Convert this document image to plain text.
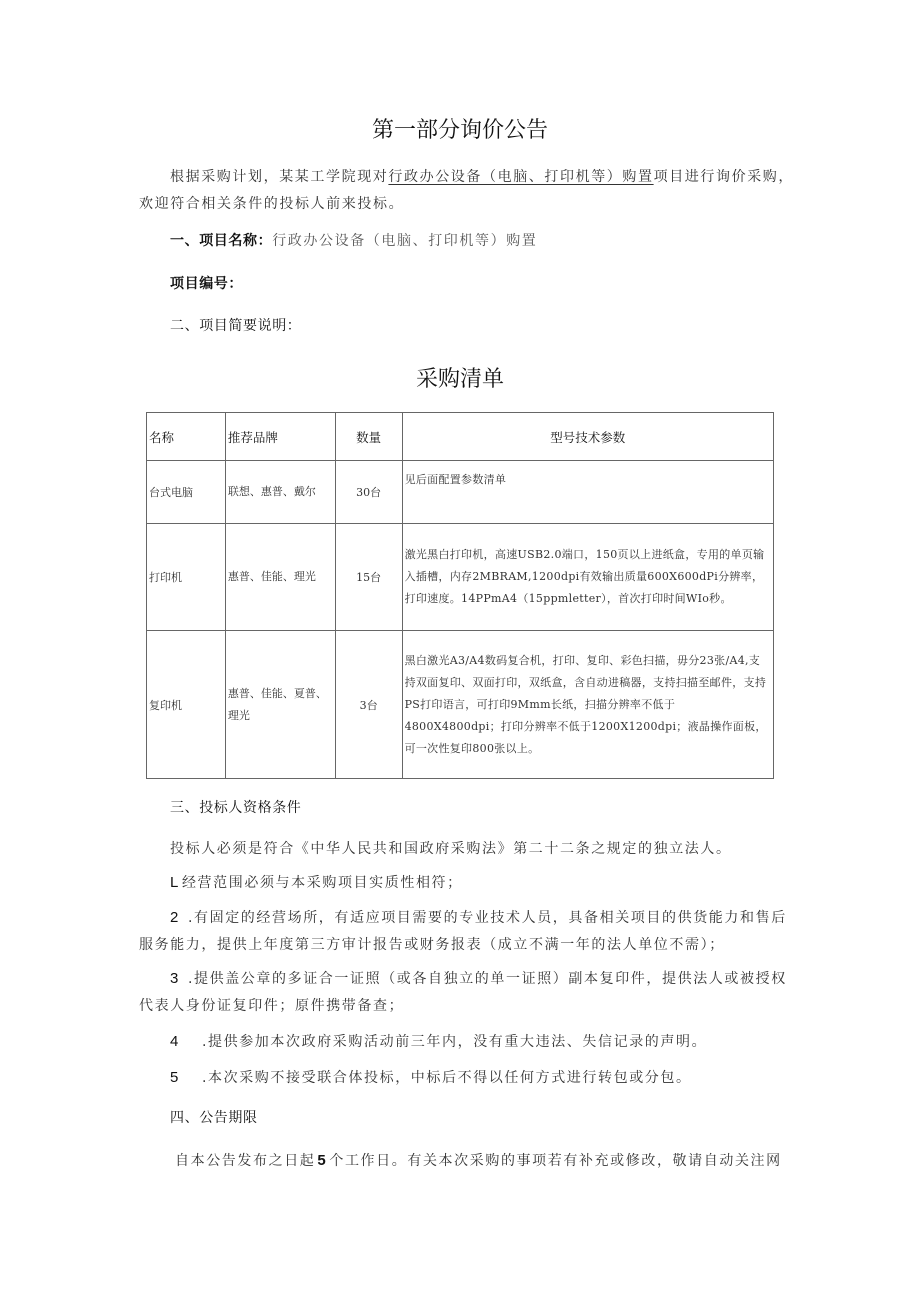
第一部分询价公告
根据采购计划，某某工学院现对行政办公设备（电脑、打印机等）购置项目进行询价采购，
欢迎符合相关条件的投标人前来投标。
一、项目名称：行政办公设备（电脑、打印机等）购置
项目编号：
二、项目简要说明：
采购清单
名称	推荐品牌	数量	型号技术参数
台式电脑	联想、惠普、戴尔	30台	见后面配置参数清单
打印机	惠普、佳能、理光	15台	激光黑白打印机，高速USB2.0端口，150页以上进纸盒，专用的单页输入插槽，内存2MBRAM,1200dpi有效输出质量600X600dPi分辨率，打印速度。14PPmA4（15ppmletter），首次打印时间WIo秒。
复印机	惠普、佳能、夏普、理光	3台	黑白激光A3/A4数码复合机，打印、复印、彩色扫描，毋分23张/A4,支持双面复印、双面打印，双纸盒，含自动进稿器，支持扫描至邮件，支持PS打印语言，可打印9Mmm长纸，扫描分辨率不低于4800X4800dpi；打印分辨率不低于1200X1200dpi；液晶操作面板，可一次性复印800张以上。
三、投标人资格条件
投标人必须是符合《中华人民共和国政府采购法》第二十二条之规定的独立法人。
L 经营范围必须与本采购项目实质性相符；
2 .有固定的经营场所，有适应项目需要的专业技术人员，具备相关项目的供货能力和售后
服务能力，提供上年度第三方审计报告或财务报表（成立不满一年的法人单位不需）；
3 .提供盖公章的多证合一证照（或各自独立的单一证照）副本复印件，提供法人或被授权
代表人身份证复印件；原件携带备查；
4 .提供参加本次政府采购活动前三年内，没有重大违法、失信记录的声明。
5 .本次采购不接受联合体投标，中标后不得以任何方式进行转包或分包。
四、公告期限
自本公告发布之日起 5 个工作日。有关本次采购的事项若有补充或修改，敬请自动关注网
